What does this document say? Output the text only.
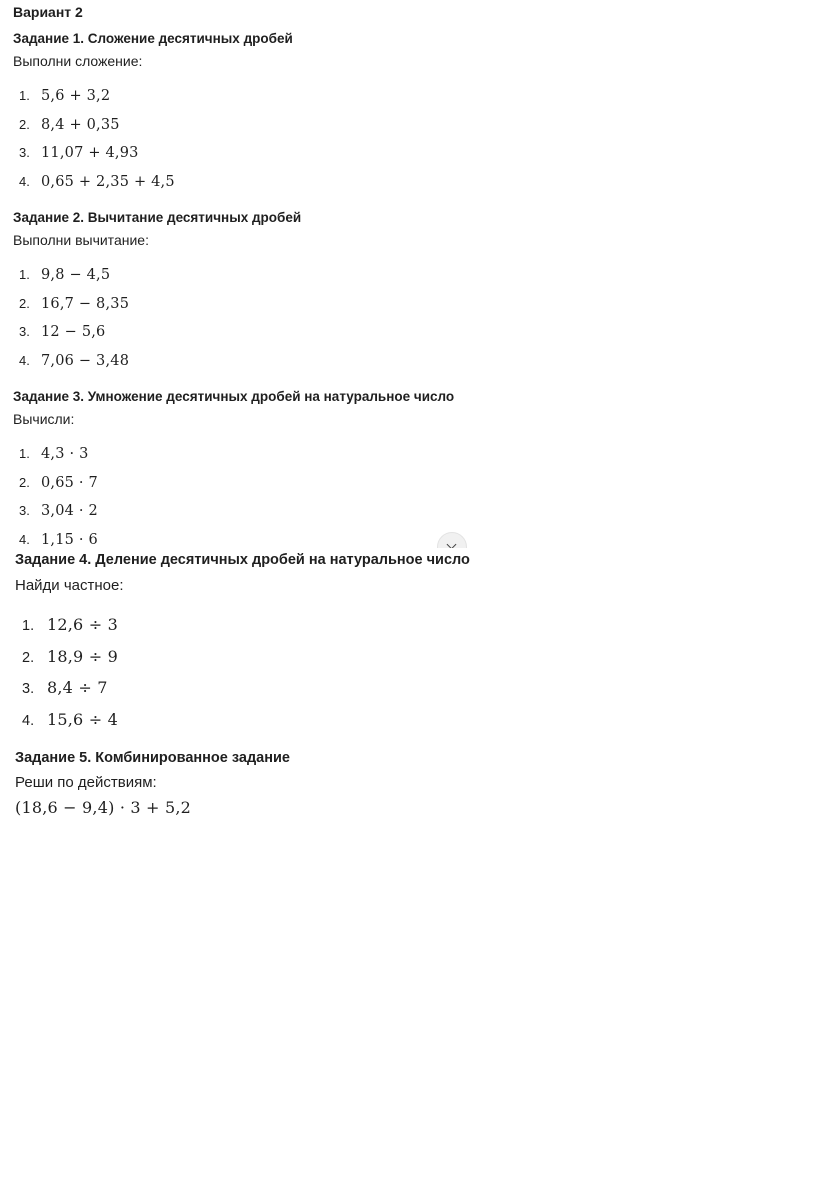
Вариант 2
Задание 1. Сложение десятичных дробей
Выполни сложение:
1. 5,6 + 3,2
2. 8,4 + 0,35
3. 11,07 + 4,93
4. 0,65 + 2,35 + 4,5
Задание 2. Вычитание десятичных дробей
Выполни вычитание:
1. 9,8 − 4,5
2. 16,7 − 8,35
3. 12 − 5,6
4. 7,06 − 3,48
Задание 3. Умножение десятичных дробей на натуральное число
Вычисли:
1. 4,3 · 3
2. 0,65 · 7
3. 3,04 · 2
4. 1,15 · 6
Задание 4. Деление десятичных дробей на натуральное число
Найди частное:
1. 12,6 ÷ 3
2. 18,9 ÷ 9
3. 8,4 ÷ 7
4. 15,6 ÷ 4
Задание 5. Комбинированное задание
Реши по действиям:
(18,6 − 9,4) · 3 + 5,2
